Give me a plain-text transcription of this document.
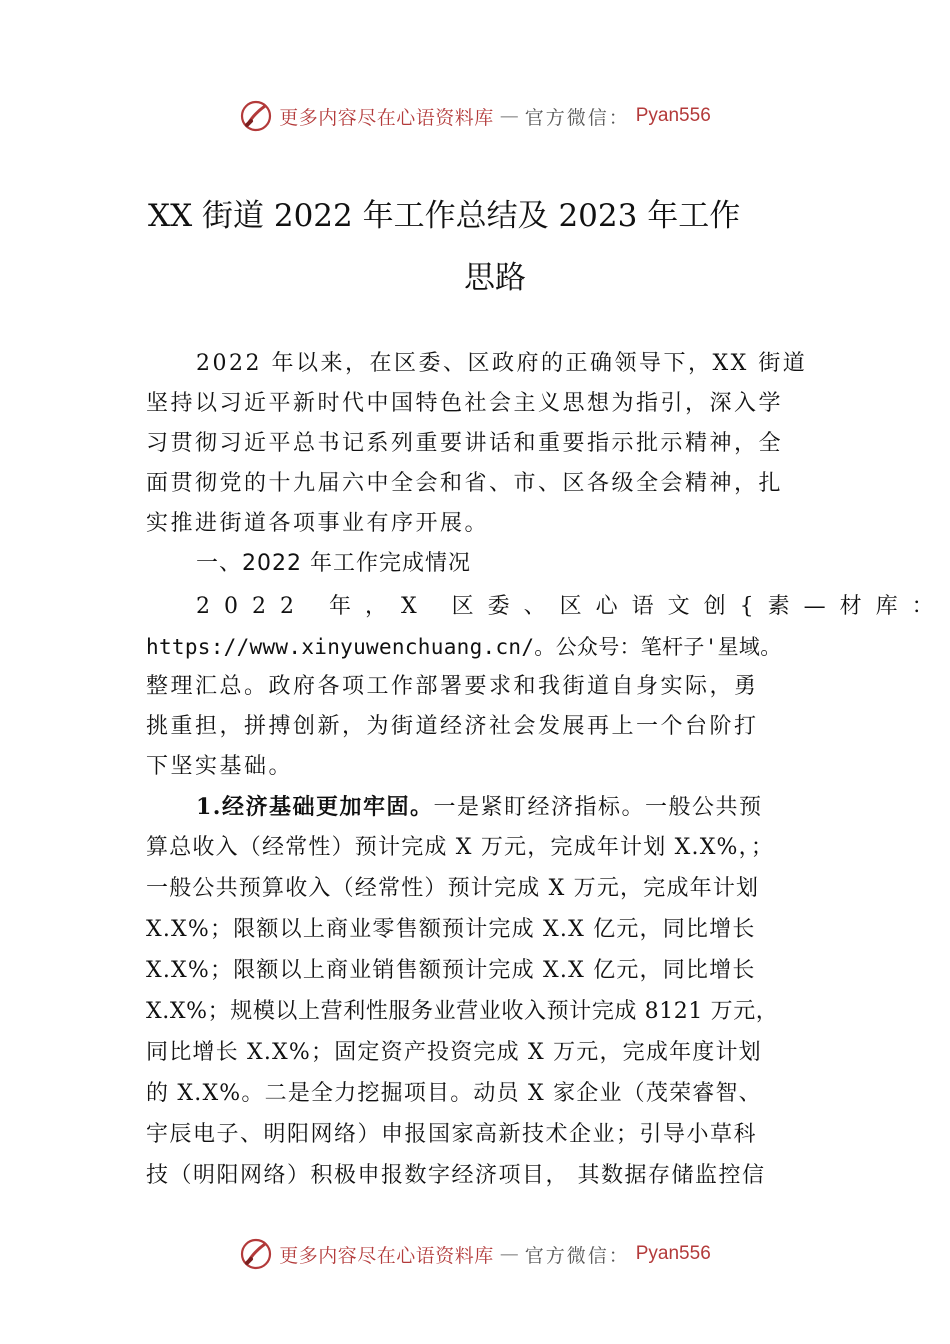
更多内容尽在心语资料库 — 官方微信： Pyan556
XX 街道 2022 年工作总结及 2023 年工作
思路
2022 年以来，在区委、区政府的正确领导下，XX 街道
坚持以习近平新时代中国特色社会主义思想为指引，深入学
习贯彻习近平总书记系列重要讲话和重要指示批示精神，全
面贯彻党的十九届六中全会和省、市、区各级全会精神，扎
实推进街道各项事业有序开展。
一、2022 年工作完成情况
2022 年，X 区委、区心语文创{素—材库：
https://www.xinyuwenchuang.cn/。公众号：笔杆子'星域。
整理汇总。政府各项工作部署要求和我街道自身实际，勇
挑重担，拼搏创新，为街道经济社会发展再上一个台阶打
下坚实基础。
1.经济基础更加牢固。一是紧盯经济指标。一般公共预
算总收入（经常性）预计完成 X 万元，完成年计划 X.X%，；
一般公共预算收入（经常性）预计完成 X 万元，完成年计划
X.X%；限额以上商业零售额预计完成 X.X 亿元，同比增长
X.X%；限额以上商业销售额预计完成 X.X 亿元，同比增长
X.X%；规模以上营利性服务业营业收入预计完成 8121 万元，
同比增长 X.X%；固定资产投资完成 X 万元，完成年度计划
的 X.X%。二是全力挖掘项目。动员 X 家企业（茂荣睿智、
宇辰电子、明阳网络）申报国家高新技术企业；引导小草科
技（明阳网络）积极申报数字经济项目， 其数据存储监控信
更多内容尽在心语资料库 — 官方微信： Pyan556
